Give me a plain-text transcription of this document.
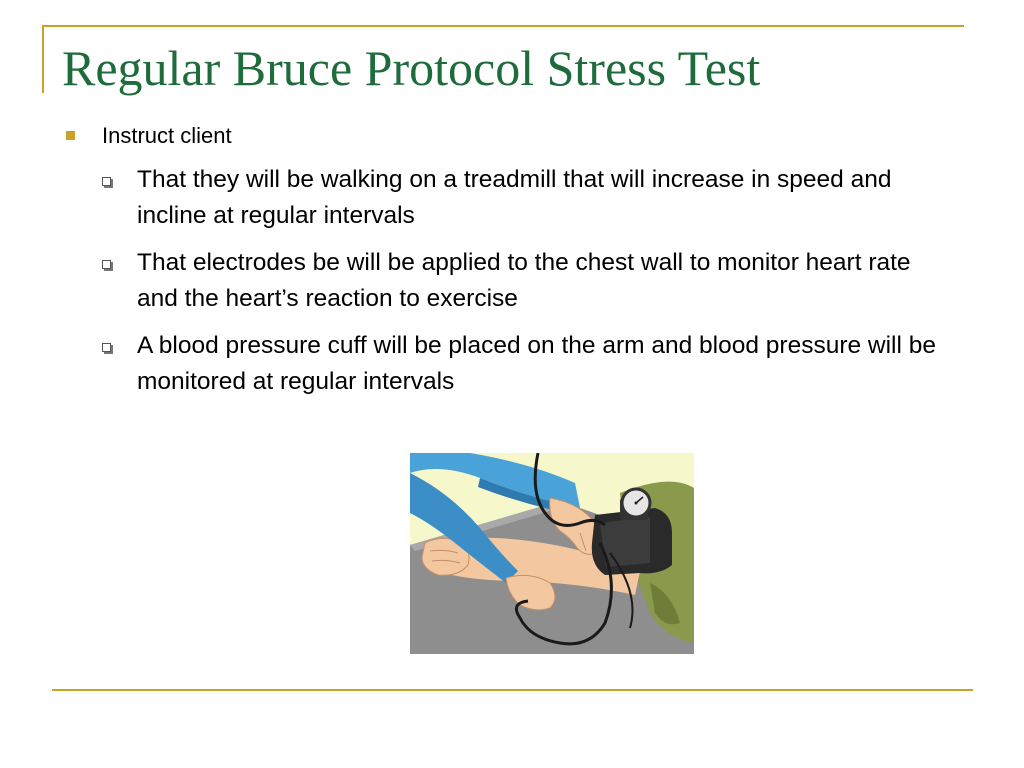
Regular Bruce Protocol Stress Test
Instruct client
That they will be walking on a treadmill that will increase in speed and incline at regular intervals
That electrodes be will be applied to the chest wall to monitor heart rate and the heart’s reaction to exercise
A blood pressure cuff will be placed on the arm and blood pressure will be monitored at regular intervals
